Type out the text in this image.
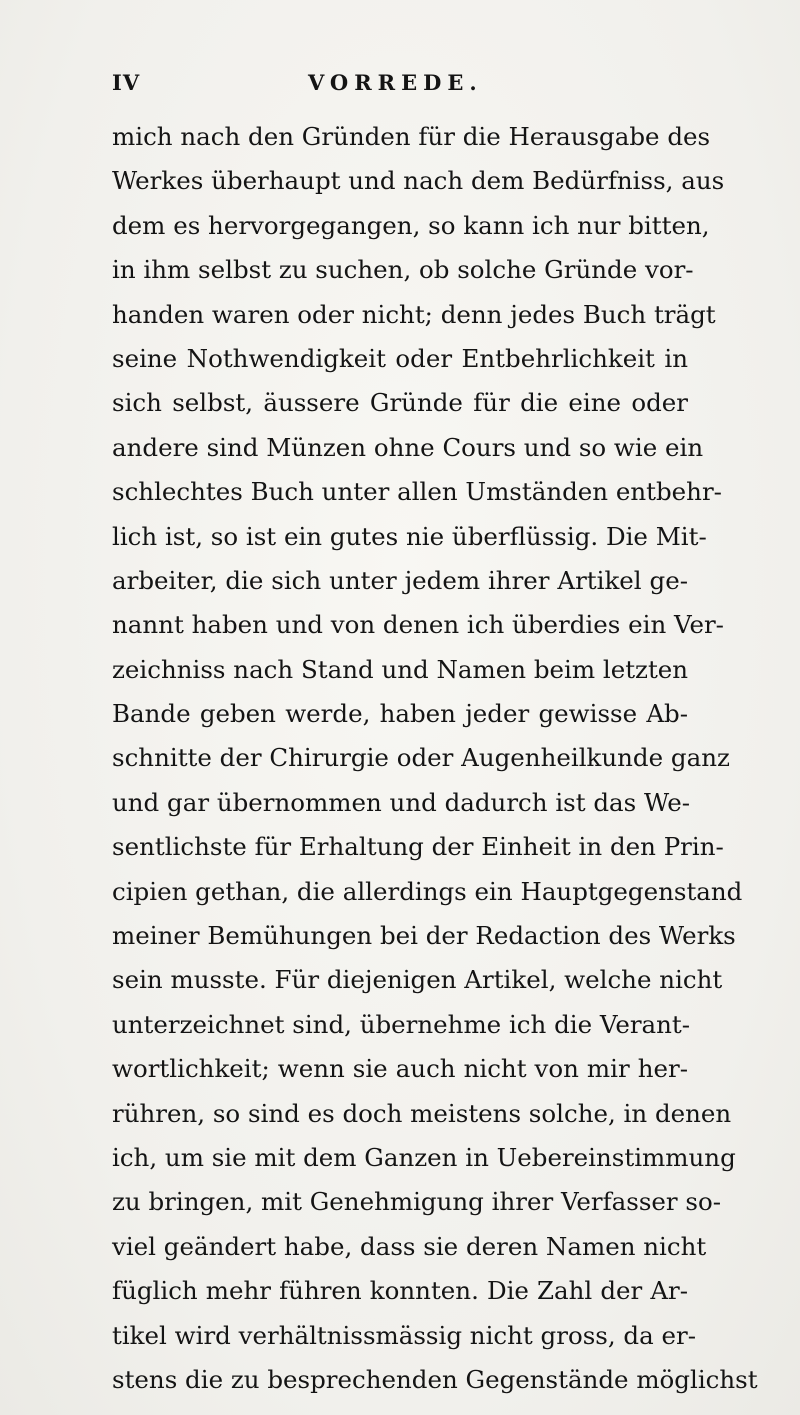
IV	VORREDE.
mich nach den Gründen für die Herausgabe des
Werkes überhaupt und nach dem Bedürfniss, aus
dem es hervorgegangen, so kann ich nur bitten,
in ihm selbst zu suchen, ob solche Gründe vor-
handen waren oder nicht; denn jedes Buch trägt
seine Nothwendigkeit oder Entbehrlichkeit in
sich selbst, äussere Gründe für die eine oder
andere sind Münzen ohne Cours und so wie ein
schlechtes Buch unter allen Umständen entbehr-
lich ist, so ist ein gutes nie überflüssig. Die Mit-
arbeiter, die sich unter jedem ihrer Artikel ge-
nannt haben und von denen ich überdies ein Ver-
zeichniss nach Stand und Namen beim letzten
Bande geben werde, haben jeder gewisse Ab-
schnitte der Chirurgie oder Augenheilkunde ganz
und gar übernommen und dadurch ist das We-
sentlichste für Erhaltung der Einheit in den Prin-
cipien gethan, die allerdings ein Hauptgegenstand
meiner Bemühungen bei der Redaction des Werks
sein musste. Für diejenigen Artikel, welche nicht
unterzeichnet sind, übernehme ich die Verant-
wortlichkeit; wenn sie auch nicht von mir her-
rühren, so sind es doch meistens solche, in denen
ich, um sie mit dem Ganzen in Uebereinstimmung
zu bringen, mit Genehmigung ihrer Verfasser so-
viel geändert habe, dass sie deren Namen nicht
füglich mehr führen konnten. Die Zahl der Ar-
tikel wird verhältnissmässig nicht gross, da er-
stens die zu besprechenden Gegenstände möglichst
